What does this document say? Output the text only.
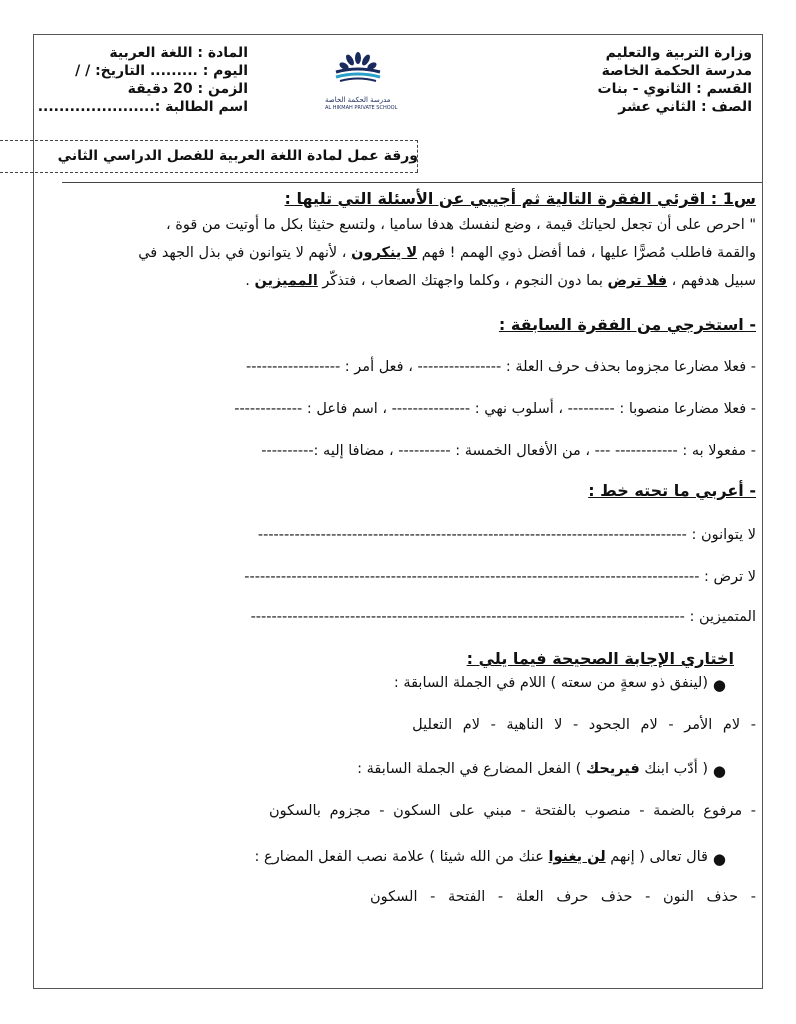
وزارة التربية والتعليم
مدرسة الحكمة الخاصة
القسم : الثانوي - بنات
الصف : الثاني عشر
مدرسة الحكمة الخاصة
AL HIKMAH PRIVATE SCHOOL
المادة : اللغة العربية
اليوم : ......... التاريخ: / /
الزمن : 20 دقيقة
اسم الطالبة :......................
ورقة عمل لمادة اللغة العربية للفصل الدراسي الثاني
س1 : اقرئي الفقرة التالية ثم أجيبي عن الأسئلة التي تليها :
" احرص على أن تجعل لحياتك قيمة ، وضع لنفسك هدفا ساميا ، ولتسع حثيثا بكل ما أوتيت من قوة ،
والقمة فاطلب مُصرًّا عليها ، فما أفضل ذوي الهمم ! فهم لا ينكرون ، لأنهم لا يتوانون في بذل الجهد في
سبيل هدفهم ، فلا ترض بما دون النجوم ، وكلما واجهتك الصعاب ، فتذكّر المميزين .
- استخرجي من الفقرة السابقة :
- فعلا مضارعا مجزوما بحذف حرف العلة : ---------------- ، فعل أمر : ------------------
- فعلا مضارعا منصوبا : --------- ، أسلوب نهي : --------------- ، اسم فاعل : -------------
- مفعولا به : ------------ --- ، من الأفعال الخمسة : ---------- ، مضافا إليه :----------
- أعربي ما تحته خط :
لا يتوانون : ----------------------------------------------------------------------------------
لا ترض : ---------------------------------------------------------------------------------------
المتميزين : -----------------------------------------------------------------------------------
اختاري الإجابة الصحيحة فيما يلي :
●
(لينفق ذو سعةٍ من سعته ) اللام في الجملة السابقة :
- لام الأمر - لام الجحود - لا الناهية - لام التعليل
●
( أدّب ابنك فيريحك ) الفعل المضارع في الجملة السابقة :
- مرفوع بالضمة - منصوب بالفتحة - مبني على السكون - مجزوم بالسكون
●
قال تعالى ( إنهم لن يغنوا عنك من الله شيئا ) علامة نصب الفعل المضارع :
- حذف النون - حذف حرف العلة - الفتحة - السكون
